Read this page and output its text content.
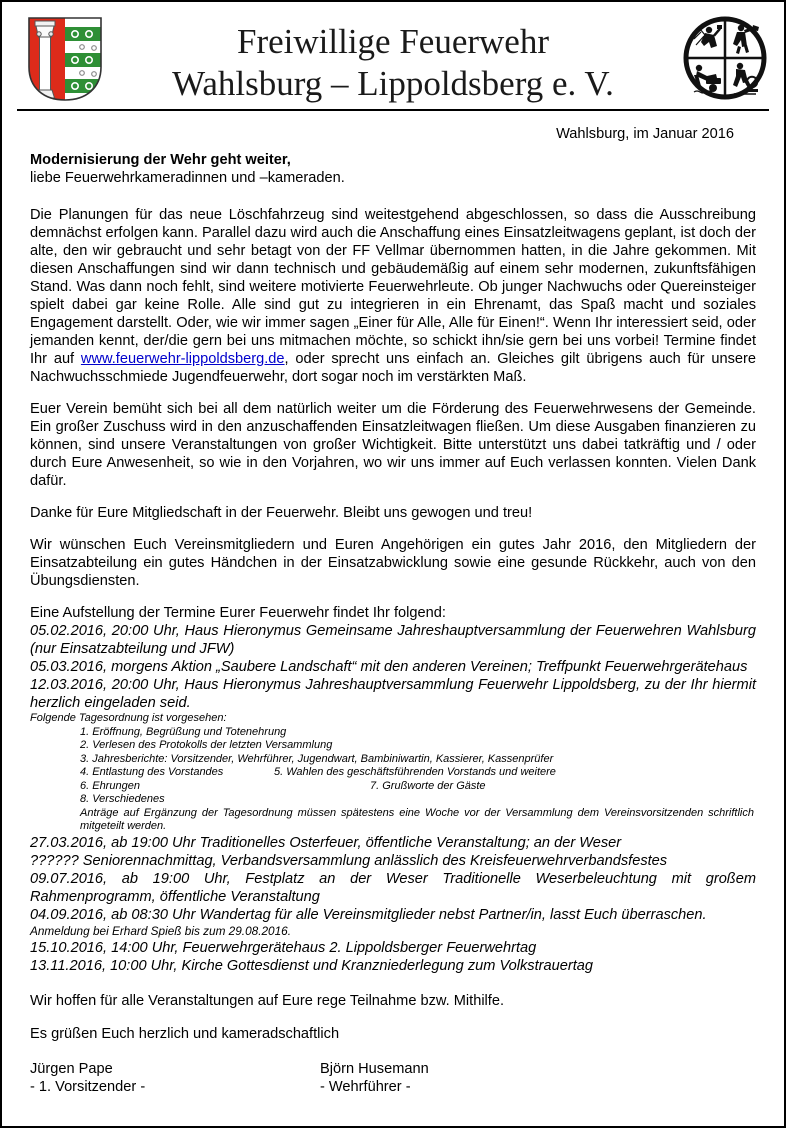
Freiwillige Feuerwehr
Wahlsburg – Lippoldsberg e. V.
Wahlsburg, im Januar 2016
Modernisierung der Wehr geht weiter,
liebe Feuerwehrkameradinnen und –kameraden.

Die Planungen für das neue Löschfahrzeug sind weitestgehend abgeschlossen, so dass die Ausschreibung demnächst erfolgen kann. Parallel dazu wird auch die Anschaffung eines Einsatzleitwagens geplant, ist doch der alte, den wir gebraucht und sehr betagt von der FF Vellmar übernommen hatten, in die Jahre gekommen. Mit diesen Anschaffungen sind wir dann technisch und gebäudemäßig auf einem sehr modernen, zukunftsfähigen Stand. Was dann noch fehlt, sind weitere motivierte Feuerwehrleute. Ob junger Nachwuchs oder Quereinsteiger spielt dabei gar keine Rolle. Alle sind gut zu integrieren in ein Ehrenamt, das Spaß macht und soziales Engagement darstellt. Oder, wie wir immer sagen „Einer für Alle, Alle für Einen!“. Wenn Ihr interessiert seid, oder jemanden kennt, der/die gern bei uns mitmachen möchte, so schickt ihn/sie gern bei uns vorbei! Termine findet Ihr auf www.feuerwehr-lippoldsberg.de, oder sprecht uns einfach an. Gleiches gilt übrigens auch für unsere Nachwuchsschmiede Jugendfeuerwehr, dort sogar noch im verstärkten Maß.

Euer Verein bemüht sich bei all dem natürlich weiter um die Förderung des Feuerwehrwesens der Gemeinde. Ein großer Zuschuss wird in den anzuschaffenden Einsatzleitwagen fließen. Um diese Ausgaben finanzieren zu können, sind unsere Veranstaltungen von großer Wichtigkeit. Bitte unterstützt uns dabei tatkräftig und / oder durch Eure Anwesenheit, so wie in den Vorjahren, wo wir uns immer auf Euch verlassen konnten. Vielen Dank dafür.

Danke für Eure Mitgliedschaft in der Feuerwehr. Bleibt uns gewogen und treu!

Wir wünschen Euch Vereinsmitgliedern und Euren Angehörigen ein gutes Jahr 2016, den Mitgliedern der Einsatzabteilung ein gutes Händchen in der Einsatzabwicklung sowie eine gesunde Rückkehr, auch von den Übungsdiensten.

Eine Aufstellung der Termine Eurer Feuerwehr findet Ihr folgend:

05.02.2016, 20:00 Uhr, Haus Hieronymus Gemeinsame Jahreshauptversammlung der Feuerwehren Wahlsburg (nur Einsatzabteilung und JFW)
05.03.2016, morgens Aktion „Saubere Landschaft“ mit den anderen Vereinen; Treffpunkt Feuerwehrgerätehaus
12.03.2016, 20:00 Uhr, Haus Hieronymus Jahreshauptversammlung Feuerwehr Lippoldsberg, zu der Ihr hiermit herzlich eingeladen seid.
Folgende Tagesordnung ist vorgesehen:
1. Eröffnung, Begrüßung und Totenehrung
2. Verlesen des Protokolls der letzten Versammlung
3. Jahresberichte: Vorsitzender, Wehrführer, Jugendwart, Bambiniwartin, Kassierer, Kassenprüfer
4. Entlastung des Vorstandes	5. Wahlen des geschäftsführenden Vorstands und weitere
6. Ehrungen	7. Grußworte der Gäste
8. Verschiedenes
Anträge auf Ergänzung der Tagesordnung müssen spätestens eine Woche vor der Versammlung dem Vereinsvorsitzenden schriftlich mitgeteilt werden.
27.03.2016, ab 19:00 Uhr Traditionelles Osterfeuer, öffentliche Veranstaltung; an der Weser
?????? Seniorennachmittag, Verbandsversammlung anlässlich des Kreisfeuerwehrverbandsfestes
09.07.2016, ab 19:00 Uhr, Festplatz an der Weser Traditionelle Weserbeleuchtung mit großem Rahmenprogramm, öffentliche Veranstaltung
04.09.2016, ab 08:30 Uhr Wandertag für alle Vereinsmitglieder nebst Partner/in, lasst Euch überraschen.
Anmeldung bei Erhard Spieß bis zum 29.08.2016.
15.10.2016, 14:00 Uhr, Feuerwehrgerätehaus 2. Lippoldsberger Feuerwehrtag
13.11.2016, 10:00 Uhr, Kirche Gottesdienst und Kranzniederlegung zum Volkstrauertag

Wir hoffen für alle Veranstaltungen auf Eure rege Teilnahme bzw. Mithilfe.

Es grüßen Euch herzlich und kameradschaftlich

Jürgen Pape
- 1. Vorsitzender -
Björn Husemann
- Wehrführer -
